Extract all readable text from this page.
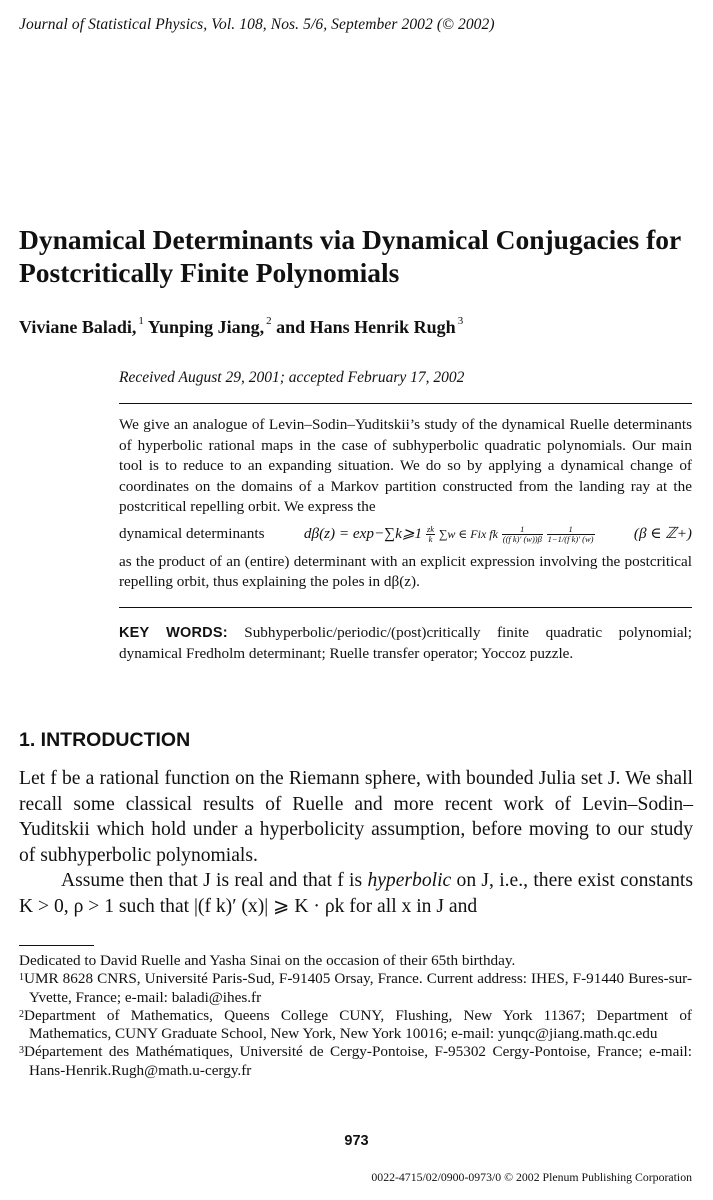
Journal of Statistical Physics, Vol. 108, Nos. 5/6, September 2002 (© 2002)
Dynamical Determinants via Dynamical Conjugacies for Postcritically Finite Polynomials
Viviane Baladi, $^1$ Yunping Jiang, $^2$ and Hans Henrik Rugh $^3$
Received August 29, 2001; accepted February 17, 2002

We give an analogue of Levin–Sodin–Yuditskii’s study of the dynamical Ruelle determinants of hyperbolic rational maps in the case of subhyperbolic quadratic polynomials. Our main tool is to reduce to an expanding situation. We do so by applying a dynamical change of coordinates on the domains of a Markov partition constructed from the landing ray at the postcritical repelling orbit. We express the

dynamical determinants	dβ(z) = exp−∑k⩾1 $\frac{zk}{k} \sum w$ ∈ Fix fk $\frac{1}{\text{((f k)′ (w))β}}$
$\frac{1}{\text{1−1/(f k)′ (w)}}$	(β ∈ ℤ+)

as the product of an (entire) determinant with an explicit expression involving the postcritical repelling orbit, thus explaining the poles in dβ(z).

KEY WORDS: Subhyperbolic/periodic/(post)critically finite quadratic polynomial; dynamical Fredholm determinant; Ruelle transfer operator; Yoccoz puzzle.
1. INTRODUCTION

Let f be a rational function on the Riemann sphere, with bounded Julia set J. We shall recall some classical results of Ruelle and more recent work of Levin–Sodin–Yuditskii which hold under a hyperbolicity assumption, before moving to our study of subhyperbolic polynomials.

Assume then that J is real and that f is hyperbolic on J, i.e., there exist constants K > 0, ρ > 1 such that |(f k)′ (x)| ⩾ K · ρk for all x in J and

Dedicated to David Ruelle and Yasha Sinai on the occasion of their 65th birthday.

$^1$UMR 8628 CNRS, Université Paris-Sud, F-91405 Orsay, France. Current address: IHES, F-91440 Bures-sur-Yvette, France; e-mail: baladi@ihes.fr

$^2$Department of Mathematics, Queens College CUNY, Flushing, New York 11367; Department of Mathematics, CUNY Graduate School, New York, New York 10016; e-mail: yunqc@jiang.math.qc.edu

$^3$Département des Mathématiques, Université de Cergy-Pontoise, F-95302 Cergy-Pontoise, France; e-mail: Hans-Henrik.Rugh@math.u-cergy.fr

973
0022-4715/02/0900-0973/0 © 2002 Plenum Publishing Corporation
